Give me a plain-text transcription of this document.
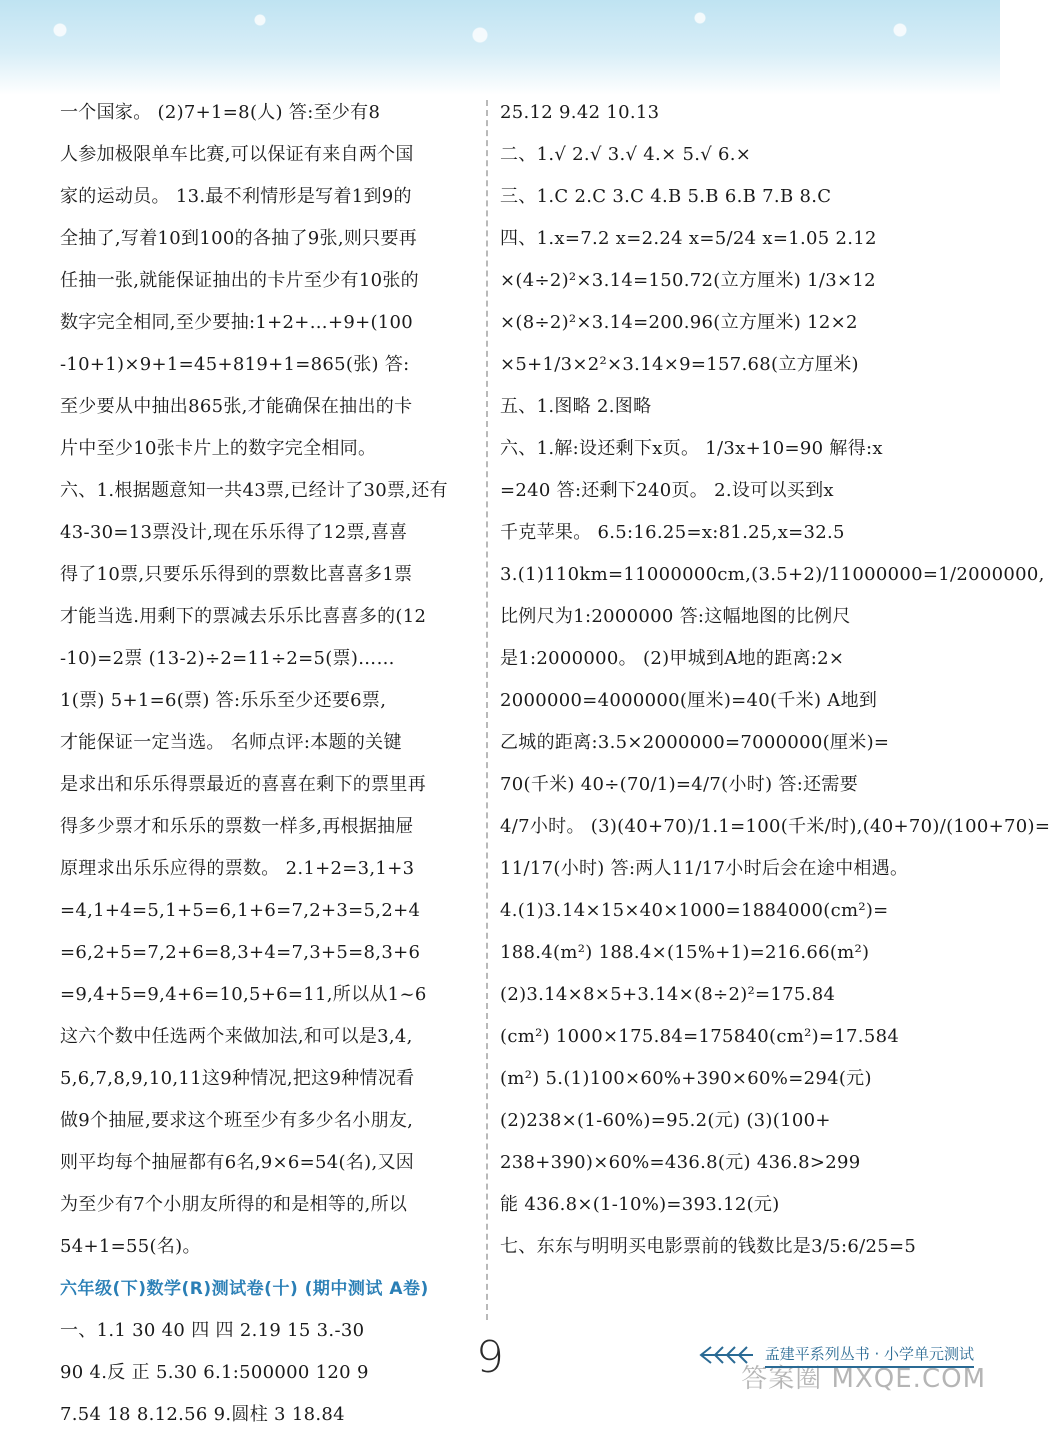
一个国家。 (2)7+1=8(人) 答:至少有8
人参加极限单车比赛,可以保证有来自两个国
家的运动员。 13.最不利情形是写着1到9的
全抽了,写着10到100的各抽了9张,则只要再
任抽一张,就能保证抽出的卡片至少有10张的
数字完全相同,至少要抽:1+2+…+9+(100
-10+1)×9+1=45+819+1=865(张) 答:
至少要从中抽出865张,才能确保在抽出的卡
片中至少10张卡片上的数字完全相同。
六、1.根据题意知一共43票,已经计了30票,还有
43-30=13票没计,现在乐乐得了12票,喜喜
得了10票,只要乐乐得到的票数比喜喜多1票
才能当选.用剩下的票减去乐乐比喜喜多的(12
-10)=2票 (13-2)÷2=11÷2=5(票)……
1(票) 5+1=6(票) 答:乐乐至少还要6票,
才能保证一定当选。 名师点评:本题的关键
是求出和乐乐得票最近的喜喜在剩下的票里再
得多少票才和乐乐的票数一样多,再根据抽屉
原理求出乐乐应得的票数。 2.1+2=3,1+3
=4,1+4=5,1+5=6,1+6=7,2+3=5,2+4
=6,2+5=7,2+6=8,3+4=7,3+5=8,3+6
=9,4+5=9,4+6=10,5+6=11,所以从1~6
这六个数中任选两个来做加法,和可以是3,4,
5,6,7,8,9,10,11这9种情况,把这9种情况看
做9个抽屉,要求这个班至少有多少名小朋友,
则平均每个抽屉都有6名,9×6=54(名),又因
为至少有7个小朋友所得的和是相等的,所以
54+1=55(名)。
六年级(下)数学(R)测试卷(十) (期中测试 A卷)
一、1.1 30 40 四 四 2.19 15 3.-30
90 4.反 正 5.30 6.1:500000 120 9
7.54 18 8.12.56 9.圆柱 3 18.84
25.12 9.42 10.13
二、1.√ 2.√ 3.√ 4.× 5.√ 6.×
三、1.C 2.C 3.C 4.B 5.B 6.B 7.B 8.C
四、1.x=7.2 x=2.24 x=5/24 x=1.05 2.12
×(4÷2)²×3.14=150.72(立方厘米) 1/3×12
×(8÷2)²×3.14=200.96(立方厘米) 12×2
×5+1/3×2²×3.14×9=157.68(立方厘米)
五、1.图略 2.图略
六、1.解:设还剩下x页。 1/3x+10=90 解得:x
=240 答:还剩下240页。 2.设可以买到x
千克苹果。 6.5:16.25=x:81.25,x=32.5
3.(1)110km=11000000cm,(3.5+2)/11000000=1/2000000,
比例尺为1:2000000 答:这幅地图的比例尺
是1:2000000。 (2)甲城到A地的距离:2×
2000000=4000000(厘米)=40(千米) A地到
乙城的距离:3.5×2000000=7000000(厘米)=
70(千米) 40÷(70/1)=4/7(小时) 答:还需要
4/7小时。 (3)(40+70)/1.1=100(千米/时),(40+70)/(100+70)=
11/17(小时) 答:两人11/17小时后会在途中相遇。
4.(1)3.14×15×40×1000=1884000(cm²)=
188.4(m²) 188.4×(15%+1)=216.66(m²)
(2)3.14×8×5+3.14×(8÷2)²=175.84
(cm²) 1000×175.84=175840(cm²)=17.584
(m²) 5.(1)100×60%+390×60%=294(元)
(2)238×(1-60%)=95.2(元) (3)(100+
238+390)×60%=436.8(元) 436.8>299
能 436.8×(1-10%)=393.12(元)
七、东东与明明买电影票前的钱数比是3/5:6/25=5
9	答案圈 MXQE.COM
孟建平系列丛书 · 小学单元测试
